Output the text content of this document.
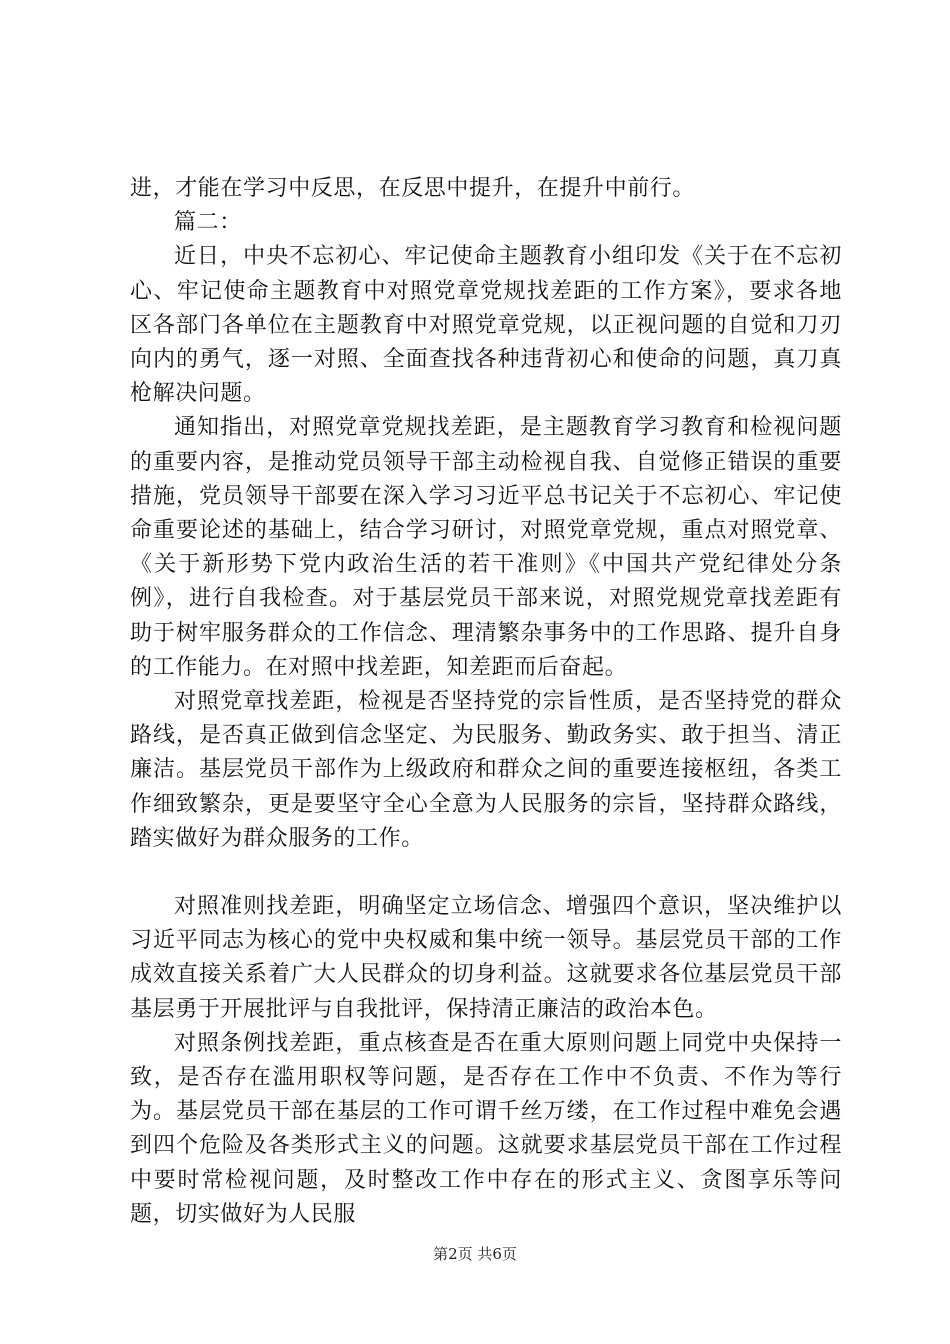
进，才能在学习中反思，在反思中提升，在提升中前行。

篇二：

近日，中央不忘初心、牢记使命主题教育小组印发《关于在不忘初心、牢记使命主题教育中对照党章党规找差距的工作方案》，要求各地区各部门各单位在主题教育中对照党章党规，以正视问题的自觉和刀刃向内的勇气，逐一对照、全面查找各种违背初心和使命的问题，真刀真枪解决问题。

通知指出，对照党章党规找差距，是主题教育学习教育和检视问题的重要内容，是推动党员领导干部主动检视自我、自觉修正错误的重要措施，党员领导干部要在深入学习习近平总书记关于不忘初心、牢记使命重要论述的基础上，结合学习研讨，对照党章党规，重点对照党章、《关于新形势下党内政治生活的若干准则》《中国共产党纪律处分条例》，进行自我检查。对于基层党员干部来说，对照党规党章找差距有助于树牢服务群众的工作信念、理清繁杂事务中的工作思路、提升自身的工作能力。在对照中找差距，知差距而后奋起。

对照党章找差距，检视是否坚持党的宗旨性质，是否坚持党的群众路线，是否真正做到信念坚定、为民服务、勤政务实、敢于担当、清正廉洁。基层党员干部作为上级政府和群众之间的重要连接枢纽，各类工作细致繁杂，更是要坚守全心全意为人民服务的宗旨，坚持群众路线，踏实做好为群众服务的工作。

对照准则找差距，明确坚定立场信念、增强四个意识，坚决维护以习近平同志为核心的党中央权威和集中统一领导。基层党员干部的工作成效直接关系着广大人民群众的切身利益。这就要求各位基层党员干部基层勇于开展批评与自我批评，保持清正廉洁的政治本色。

对照条例找差距，重点核查是否在重大原则问题上同党中央保持一致，是否存在滥用职权等问题，是否存在工作中不负责、不作为等行为。基层党员干部在基层的工作可谓千丝万缕，在工作过程中难免会遇到四个危险及各类形式主义的问题。这就要求基层党员干部在工作过程中要时常检视问题，及时整改工作中存在的形式主义、贪图享乐等问题，切实做好为人民服

第2页 共6页
